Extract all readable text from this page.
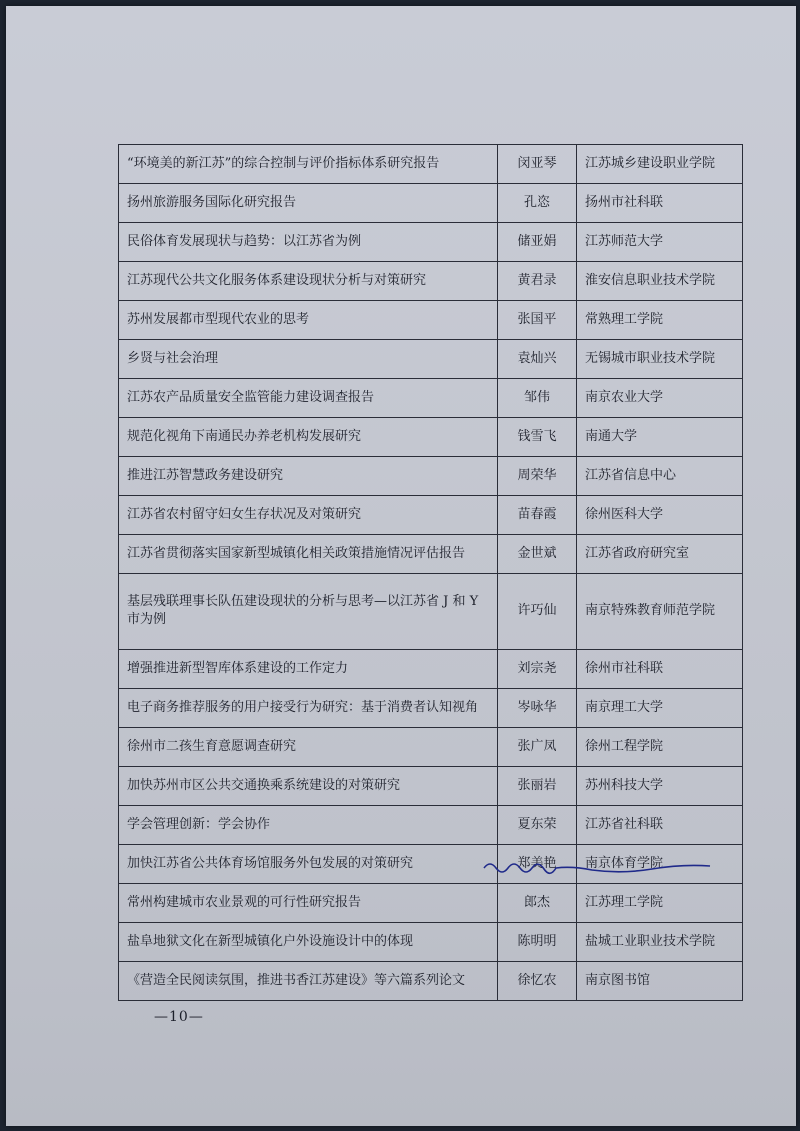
“环境美的新江苏”的综合控制与评价指标体系研究报告	闵亚琴	江苏城乡建设职业学院
扬州旅游服务国际化研究报告	孔恣	扬州市社科联
民俗体育发展现状与趋势：以江苏省为例	储亚娟	江苏师范大学
江苏现代公共文化服务体系建设现状分析与对策研究	黄君录	淮安信息职业技术学院
苏州发展都市型现代农业的思考	张国平	常熟理工学院
乡贤与社会治理	袁灿兴	无锡城市职业技术学院
江苏农产品质量安全监管能力建设调查报告	邹伟	南京农业大学
规范化视角下南通民办养老机构发展研究	钱雪飞	南通大学
推进江苏智慧政务建设研究	周荣华	江苏省信息中心
江苏省农村留守妇女生存状况及对策研究	苗春霞	徐州医科大学
江苏省贯彻落实国家新型城镇化相关政策措施情况评估报告	金世斌	江苏省政府研究室
基层残联理事长队伍建设现状的分析与思考—以江苏省 J 和 Y 市为例	许巧仙	南京特殊教育师范学院
增强推进新型智库体系建设的工作定力	刘宗尧	徐州市社科联
电子商务推荐服务的用户接受行为研究：基于消费者认知视角	岑咏华	南京理工大学
徐州市二孩生育意愿调查研究	张广凤	徐州工程学院
加快苏州市区公共交通换乘系统建设的对策研究	张丽岩	苏州科技大学
学会管理创新：学会协作	夏东荣	江苏省社科联
加快江苏省公共体育场馆服务外包发展的对策研究	郑美艳	南京体育学院
常州构建城市农业景观的可行性研究报告	郎杰	江苏理工学院
盐阜地狱文化在新型城镇化户外设施设计中的体现	陈明明	盐城工业职业技术学院
《营造全民阅读氛围，推进书香江苏建设》等六篇系列论文	徐忆农	南京图书馆
—10—
